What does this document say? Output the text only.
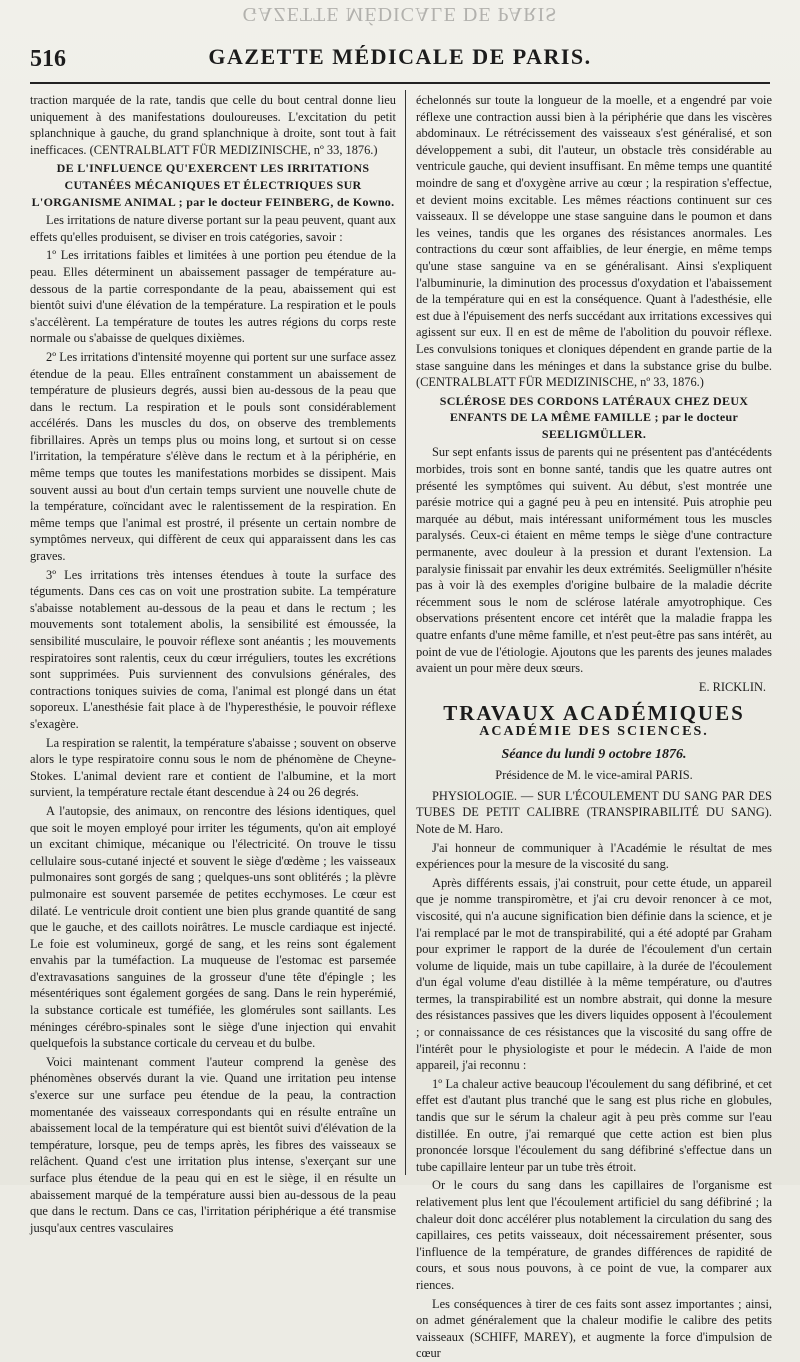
GAZETTE MÉDICALE DE PARIS
516	GAZETTE MÉDICALE DE PARIS.

traction marquée de la rate, tandis que celle du bout central donne lieu uniquement à des manifestations douloureuses. L'excitation du petit splanchnique à gauche, du grand splanchnique à droite, sont tout à fait inefficaces. (CENTRALBLATT FÜR MEDIZINISCHE, nº 33, 1876.)

DE L'INFLUENCE QU'EXERCENT LES IRRITATIONS CUTANÉES MÉCANIQUES ET ÉLECTRIQUES SUR L'ORGANISME ANIMAL ; par le docteur FEINBERG, de Kowno.

Les irritations de nature diverse portant sur la peau peuvent, quant aux effets qu'elles produisent, se diviser en trois catégories, savoir :

1º Les irritations faibles et limitées à une portion peu étendue de la peau. Elles déterminent un abaissement passager de température au-dessous de la partie correspondante de la peau, abaissement qui est bientôt suivi d'une élévation de la température. La respiration et le pouls s'accélèrent. La température de toutes les autres régions du corps reste normale ou s'abaisse de quelques dixièmes.

2º Les irritations d'intensité moyenne qui portent sur une surface assez étendue de la peau. Elles entraînent constamment un abaissement de température de plusieurs degrés, aussi bien au-dessous de la peau que dans le rectum. La respiration et le pouls sont considérablement accélérés. Dans les muscles du dos, on observe des tremblements fibrillaires. Après un temps plus ou moins long, et surtout si on cesse l'irritation, la température s'élève dans le rectum et à la périphérie, en même temps que toutes les manifestations morbides se dissipent. Mais souvent aussi au bout d'un certain temps survient une nouvelle chute de la température, coïncidant avec le ralentissement de la respiration. En même temps que l'animal est prostré, il présente un certain nombre de symptômes nerveux, qui diffèrent de ceux qui apparaissent dans les cas graves.

3º Les irritations très intenses étendues à toute la surface des téguments. Dans ces cas on voit une prostration subite. La température s'abaisse notablement au-dessous de la peau et dans le rectum ; les mouvements sont totalement abolis, la sensibilité est émoussée, la sensibilité musculaire, le pouvoir réflexe sont anéantis ; les mouvements respiratoires sont ralentis, ceux du cœur irréguliers, toutes les excrétions sont supprimées. Puis surviennent des convulsions générales, des contractions toniques suivies de coma, l'animal est plongé dans un état soporeux. L'anesthésie fait place à de l'hyperesthésie, le pouvoir réflexe s'exagère.

La respiration se ralentit, la température s'abaisse ; souvent on observe alors le type respiratoire connu sous le nom de phénomène de Cheyne-Stokes. L'animal devient rare et contient de l'albumine, et la mort survient, la température rectale étant descendue à 24 ou 26 degrés.

A l'autopsie, des animaux, on rencontre des lésions identiques, quel que soit le moyen employé pour irriter les téguments, qu'on ait employé un excitant chimique, mécanique ou l'électricité. On trouve le tissu cellulaire sous-cutané injecté et souvent le siège d'œdème ; les vaisseaux pulmonaires sont gorgés de sang ; quelques-uns sont oblitérés ; la plèvre pulmonaire est souvent parsemée de petites ecchymoses. Le cœur est dilaté. Le ventricule droit contient une bien plus grande quantité de sang que le gauche, et des caillots noirâtres. Le muscle cardiaque est injecté. Le foie est volumineux, gorgé de sang, et les reins sont également envahis par la tuméfaction. La muqueuse de l'estomac est parsemée d'extravasations sanguines de la grosseur d'une tête d'épingle ; les mésentériques sont également gorgées de sang. Dans le rein hyperémié, la substance corticale est tuméfiée, les glomérules sont saillants. Les méninges cérébro-spinales sont le siège d'une injection qui envahit quelquefois la substance corticale du cerveau et du bulbe.

Voici maintenant comment l'auteur comprend la genèse des phénomènes observés durant la vie. Quand une irritation peu intense s'exerce sur une surface peu étendue de la peau, la contraction momentanée des vaisseaux correspondants qui en résulte entraîne un abaissement local de la température qui est bientôt suivi d'élévation de la température, lorsque, peu de temps après, les fibres des vaisseaux se relâchent. Quand c'est une irritation plus intense, s'exerçant sur une surface plus étendue de la peau qui en est le siège, il en résulte un abaissement marqué de la température aussi bien au-dessous de la peau que dans le rectum. Dans ce cas, l'irritation périphérique a été transmise jusqu'aux centres vasculaires

échelonnés sur toute la longueur de la moelle, et a engendré par voie réflexe une contraction aussi bien à la périphérie que dans les viscères abdominaux. Le rétrécissement des vaisseaux s'est généralisé, et son développement a subi, dit l'auteur, un obstacle très considérable au ventricule gauche, qui devient insuffisant. En même temps une quantité moindre de sang et d'oxygène arrive au cœur ; la respiration s'effectue, et devient moins excitable. Les mêmes réactions continuent sur ces vaisseaux. Il se développe une stase sanguine dans le poumon et dans les veines, tandis que les organes des résistances anormales. Les contractions du cœur sont affaiblies, de leur énergie, en même temps qu'une stase sanguine va en se généralisant. Ainsi s'expliquent l'albuminurie, la diminution des processus d'oxydation et l'abaissement de la température qui en est la conséquence. Quant à l'adesthésie, elle est due à l'épuisement des nerfs succédant aux irritations excessives qui agissent sur eux. Il en est de même de l'abolition du pouvoir réflexe. Les convulsions toniques et cloniques dépendent en grande partie de la stase sanguine dans les méninges et dans la substance grise du bulbe. (CENTRALBLATT FÜR MEDIZINISCHE, nº 33, 1876.)

SCLÉROSE DES CORDONS LATÉRAUX CHEZ DEUX ENFANTS DE LA MÊME FAMILLE ; par le docteur SEELIGMÜLLER.

Sur sept enfants issus de parents qui ne présentent pas d'antécédents morbides, trois sont en bonne santé, tandis que les quatre autres ont présenté les symptômes qui suivent. Au début, s'est montrée une parésie motrice qui a gagné peu à peu en intensité. Puis atrophie peu marquée au début, mais intéressant uniformément tous les muscles paralysés. Ceux-ci étaient en même temps le siège d'une contracture permanente, avec douleur à la pression et durant l'extension. La paralysie finissait par envahir les deux extrémités. Seeligmüller n'hésite pas à voir là des exemples d'origine bulbaire de la maladie décrite récemment sous le nom de sclérose latérale amyotrophique. Ces observations présentent encore cet intérêt que la maladie frappa les quatre enfants d'une même famille, et n'est peut-être pas sans intérêt, au point de vue de l'étiologie. Ajoutons que les parents des jeunes malades avaient un pour mère deux sœurs.

E. RICKLIN.
TRAVAUX ACADÉMIQUES
ACADÉMIE DES SCIENCES.
Séance du lundi 9 octobre 1876.
Présidence de M. le vice-amiral PARIS.

PHYSIOLOGIE. — SUR L'ÉCOULEMENT DU SANG PAR DES TUBES DE PETIT CALIBRE (TRANSPIRABILITÉ DU SANG). Note de M. Haro.

J'ai honneur de communiquer à l'Académie le résultat de mes expériences pour la mesure de la viscosité du sang.

Après différents essais, j'ai construit, pour cette étude, un appareil que je nomme transpiromètre, et j'ai cru devoir renoncer à ce mot, viscosité, qui n'a aucune signification bien définie dans la science, et je l'ai remplacé par le mot de transpirabilité, qui a été adopté par Graham pour exprimer le rapport de la durée de l'écoulement d'un certain volume de liquide, mais un tube capillaire, à la durée de l'écoulement d'un égal volume d'eau distillée à la même température, ou d'autres termes, la transpirabilité est un nombre abstrait, qui donne la mesure des résistances passives que les divers liquides opposent à l'écoulement ; or connaissance de ces résistances que la viscosité du sang offre de l'intérêt pour le physiologiste et pour le médecin. A l'aide de mon appareil, j'ai reconnu :

1º La chaleur active beaucoup l'écoulement du sang défibriné, et cet effet est d'autant plus tranché que le sang est plus riche en globules, tandis que sur le sérum la chaleur agit à peu près comme sur l'eau distillée. En outre, j'ai remarqué que cette action est bien plus prononcée lorsque l'écoulement du sang défibriné s'effectue dans un tube capillaire lenteur par un tube très étroit.

Or le cours du sang dans les capillaires de l'organisme est relativement plus lent que l'écoulement artificiel du sang défibriné ; la chaleur doit donc accélérer plus notablement la circulation du sang des capillaires, ces petits vaisseaux, doit nécessairement présenter, sous l'influence de la température, de grandes différences de rapidité de cours, et sous nous pouvons, à ce point de vue, la comparer aux riences.

Les conséquences à tirer de ces faits sont assez importantes ; ainsi, on admet généralement que la chaleur modifie le calibre des petits vaisseaux (SCHIFF, MAREY), et augmente la force d'impulsion de cœur
